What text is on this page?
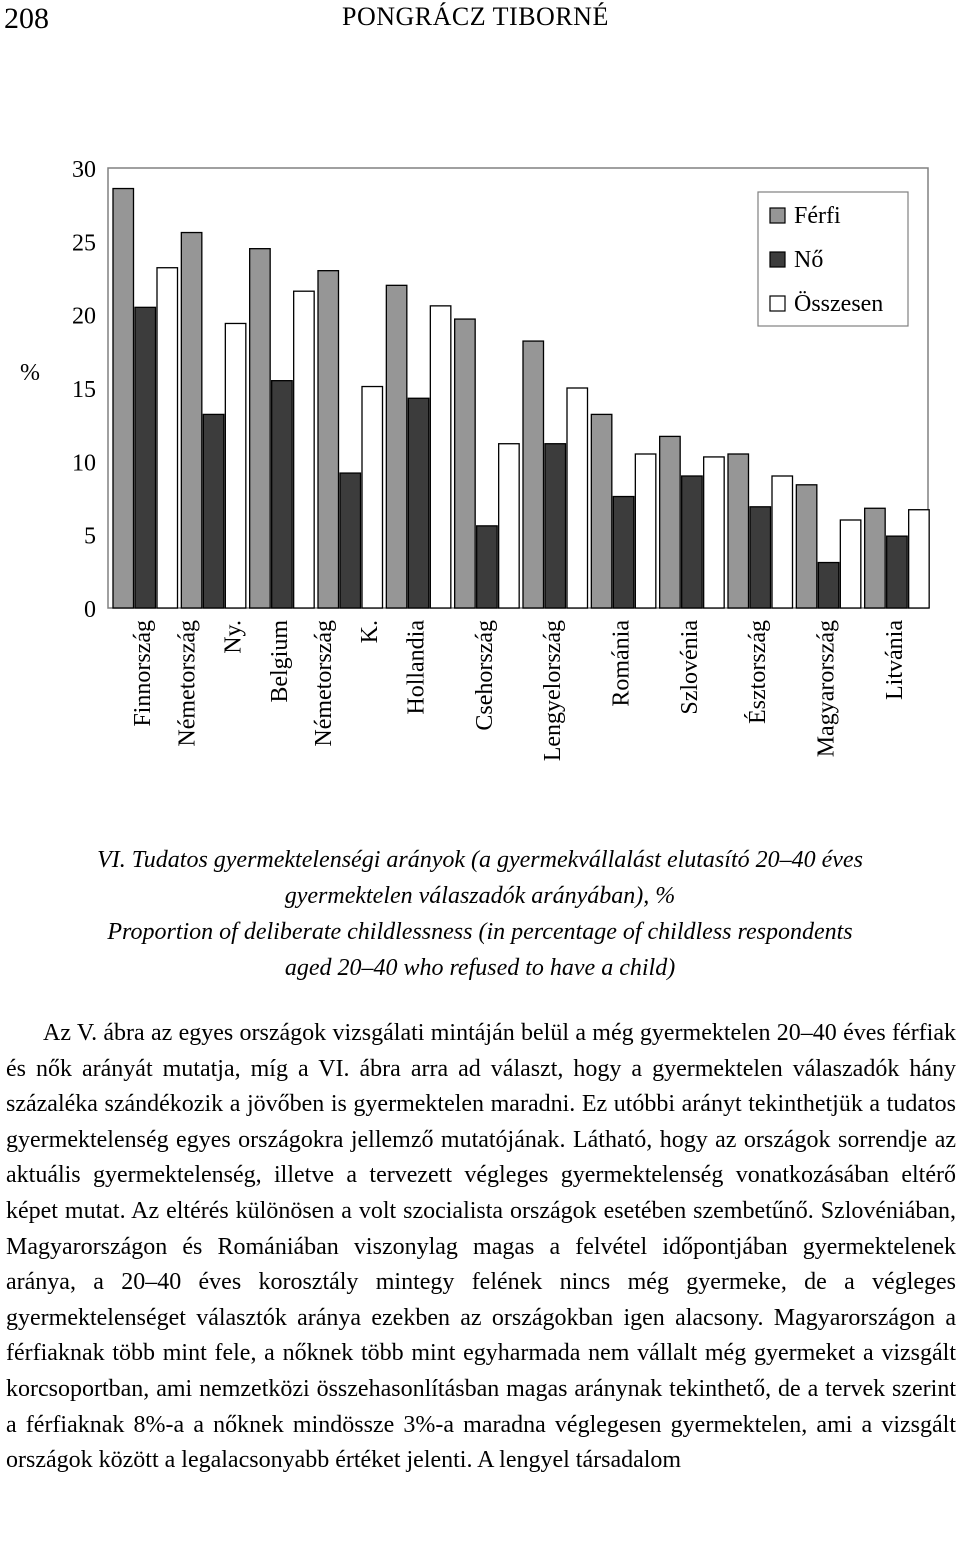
208	PONGRÁCZ TIBORNÉ
0
5
10
15
20
25
30
%
Finnország Németország Ny. Belgium Németország K. Hollandia Csehország Lengyelország Románia Szlovénia Észtország Magyarország Litvánia
Férfi
Nő
Összesen
VI. Tudatos gyermektelenségi arányok (a gyermekvállalást elutasító 20–40 éves
gyermektelen válaszadók arányában), %
Proportion of deliberate childlessness (in percentage of childless respondents
aged 20–40 who refused to have a child)

Az V. ábra az egyes országok vizsgálati mintáján belül a még gyermektelen 20–40 éves férfiak és nők arányát mutatja, míg a VI. ábra arra ad választ, hogy a gyermektelen válaszadók hány százaléka szándékozik a jövőben is gyermektelen maradni. Ez utóbbi arányt tekinthetjük a tudatos gyermektelenség egyes országokra jellemző mutatójának. Látható, hogy az országok sorrendje az aktuális gyermektelenség, illetve a tervezett végleges gyermektelenség vonatkozásában eltérő képet mutat. Az eltérés különösen a volt szocialista országok esetében szembetűnő. Szlovéniában, Magyarországon és Romániában viszonylag magas a felvétel időpontjában gyermektelenek aránya, a 20–40 éves korosztály mintegy felének nincs még gyermeke, de a végleges gyermektelenséget választók aránya ezekben az országokban igen alacsony. Magyarországon a férfiaknak több mint fele, a nőknek több mint egyharmada nem vállalt még gyermeket a vizsgált korcsoportban, ami nemzetközi összehasonlításban magas aránynak tekinthető, de a tervek szerint a férfiaknak 8%-a a nőknek mindössze 3%-a maradna véglegesen gyermektelen, ami a vizsgált országok között a legalacsonyabb értéket jelenti. A lengyel társadalom
